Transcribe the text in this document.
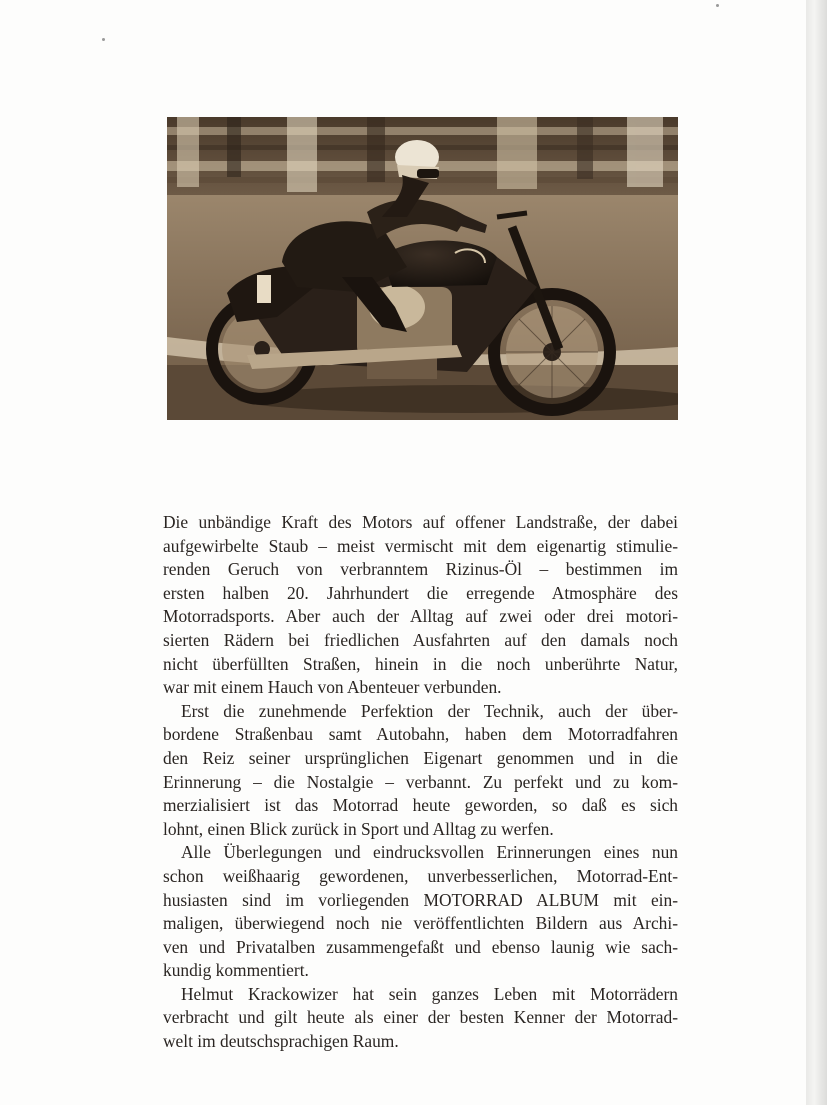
Die unbändige Kraft des Motors auf offener Landstraße, der dabei
aufgewirbelte Staub – meist vermischt mit dem eigenartig stimulie-
renden Geruch von verbranntem Rizinus-Öl – bestimmen im
ersten halben 20. Jahrhundert die erregende Atmosphäre des
Motorradsports. Aber auch der Alltag auf zwei oder drei motori-
sierten Rädern bei friedlichen Ausfahrten auf den damals noch
nicht überfüllten Straßen, hinein in die noch unberührte Natur,
war mit einem Hauch von Abenteuer verbunden.
Erst die zunehmende Perfektion der Technik, auch der über-
bordene Straßenbau samt Autobahn, haben dem Motorradfahren
den Reiz seiner ursprünglichen Eigenart genommen und in die
Erinnerung – die Nostalgie – verbannt. Zu perfekt und zu kom-
merzialisiert ist das Motorrad heute geworden, so daß es sich
lohnt, einen Blick zurück in Sport und Alltag zu werfen.
Alle Überlegungen und eindrucksvollen Erinnerungen eines nun
schon weißhaarig gewordenen, unverbesserlichen, Motorrad-Ent-
husiasten sind im vorliegenden MOTORRAD ALBUM mit ein-
maligen, überwiegend noch nie veröffentlichten Bildern aus Archi-
ven und Privatalben zusammengefaßt und ebenso launig wie sach-
kundig kommentiert.
Helmut Krackowizer hat sein ganzes Leben mit Motorrädern
verbracht und gilt heute als einer der besten Kenner der Motorrad-
welt im deutschsprachigen Raum.
